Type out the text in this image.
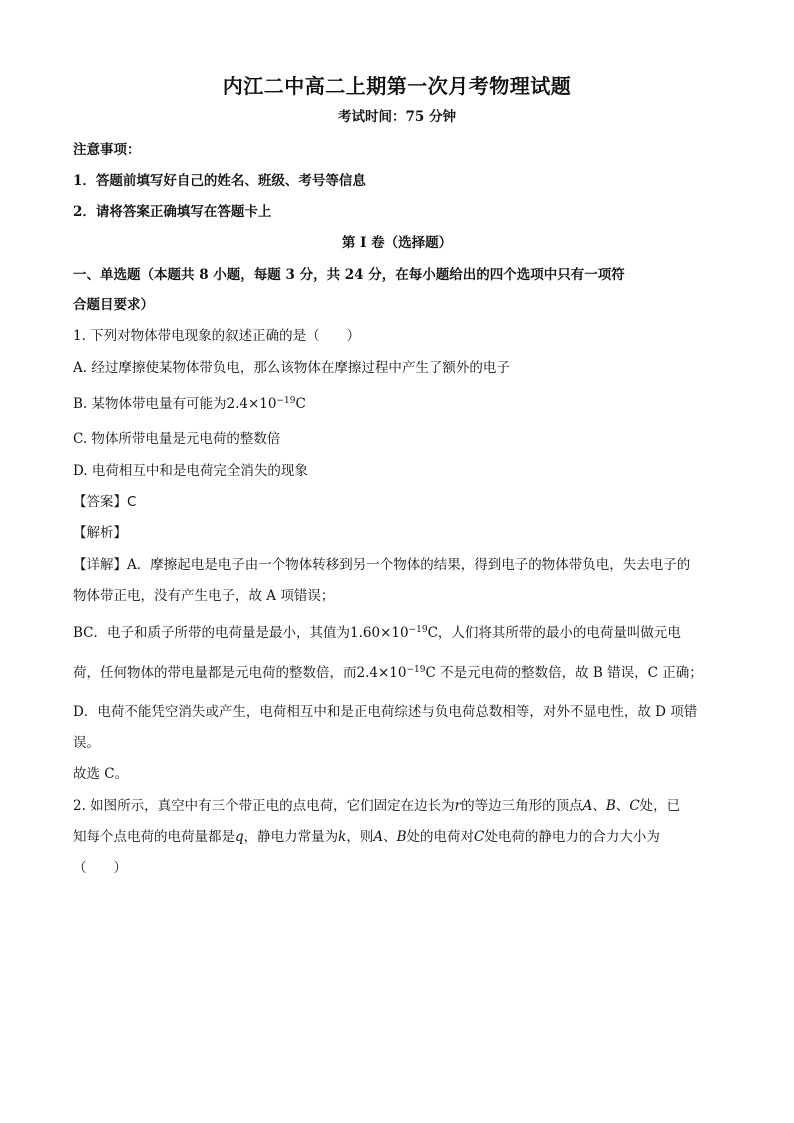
内江二中高二上期第一次月考物理试题
考试时间：75 分钟
注意事项：
1．答题前填写好自己的姓名、班级、考号等信息
2．请将答案正确填写在答题卡上
第 I 卷（选择题）
一、单选题（本题共 8 小题，每题 3 分，共 24 分，在每小题给出的四个选项中只有一项符
合题目要求）
1. 下列对物体带电现象的叙述正确的是（　　）
A. 经过摩擦使某物体带负电，那么该物体在摩擦过程中产生了额外的电子
B. 某物体带电量有可能为$2.4\times 10^{-19}C$
C. 物体所带电量是元电荷的整数倍
D. 电荷相互中和是电荷完全消失的现象
【答案】C
【解析】
【详解】A．摩擦起电是电子由一个物体转移到另一个物体的结果，得到电子的物体带负电，失去电子的
物体带正电，没有产生电子，故 A 项错误；
BC．电子和质子所带的电荷量是最小，其值为$1.60\times 10^{-19}C$，人们将其所带的最小的电荷量叫做元电
荷，任何物体的带电量都是元电荷的整数倍，而$2.4\times 10^{-19}C$ 不是元电荷的整数倍，故 B 错误，C 正确；
D．电荷不能凭空消失或产生，电荷相互中和是正电荷综述与负电荷总数相等，对外不显电性，故 D 项错
误。
故选 C。
2. 如图所示，真空中有三个带正电的点电荷，它们固定在边长为r的等边三角形的顶点A、B、C处，已
知每个点电荷的电荷量都是q，静电力常量为k，则A、B处的电荷对C处电荷的静电力的合力大小为
（　　）
